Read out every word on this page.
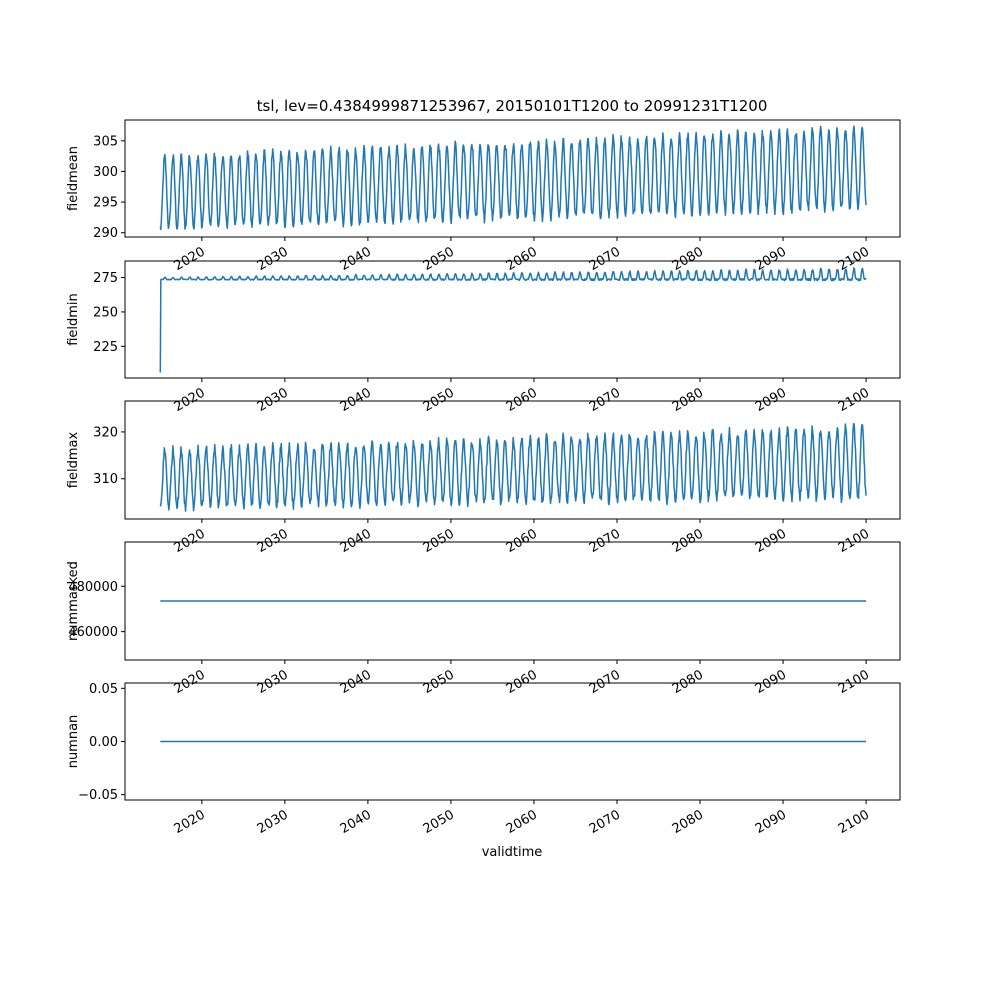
tsl, lev=0.4384999871253967, 20150101T1200 to 20991231T1200
validtime
290
295
300
305
fieldmean
2020	2030	2040	2050	2060	2070	2080	2090	2100
225
250
275
fieldmin
2020	2030	2040	2050	2060	2070	2080	2090	2100
310
320
fieldmax
2020	2030	2040	2050	2060	2070	2080	2090	2100
460000
480000
nummasked
2020	2030	2040	2050	2060	2070	2080	2090	2100
−0.05
0.00
0.05
numnan
2020	2030	2040	2050	2060	2070	2080	2090	2100
